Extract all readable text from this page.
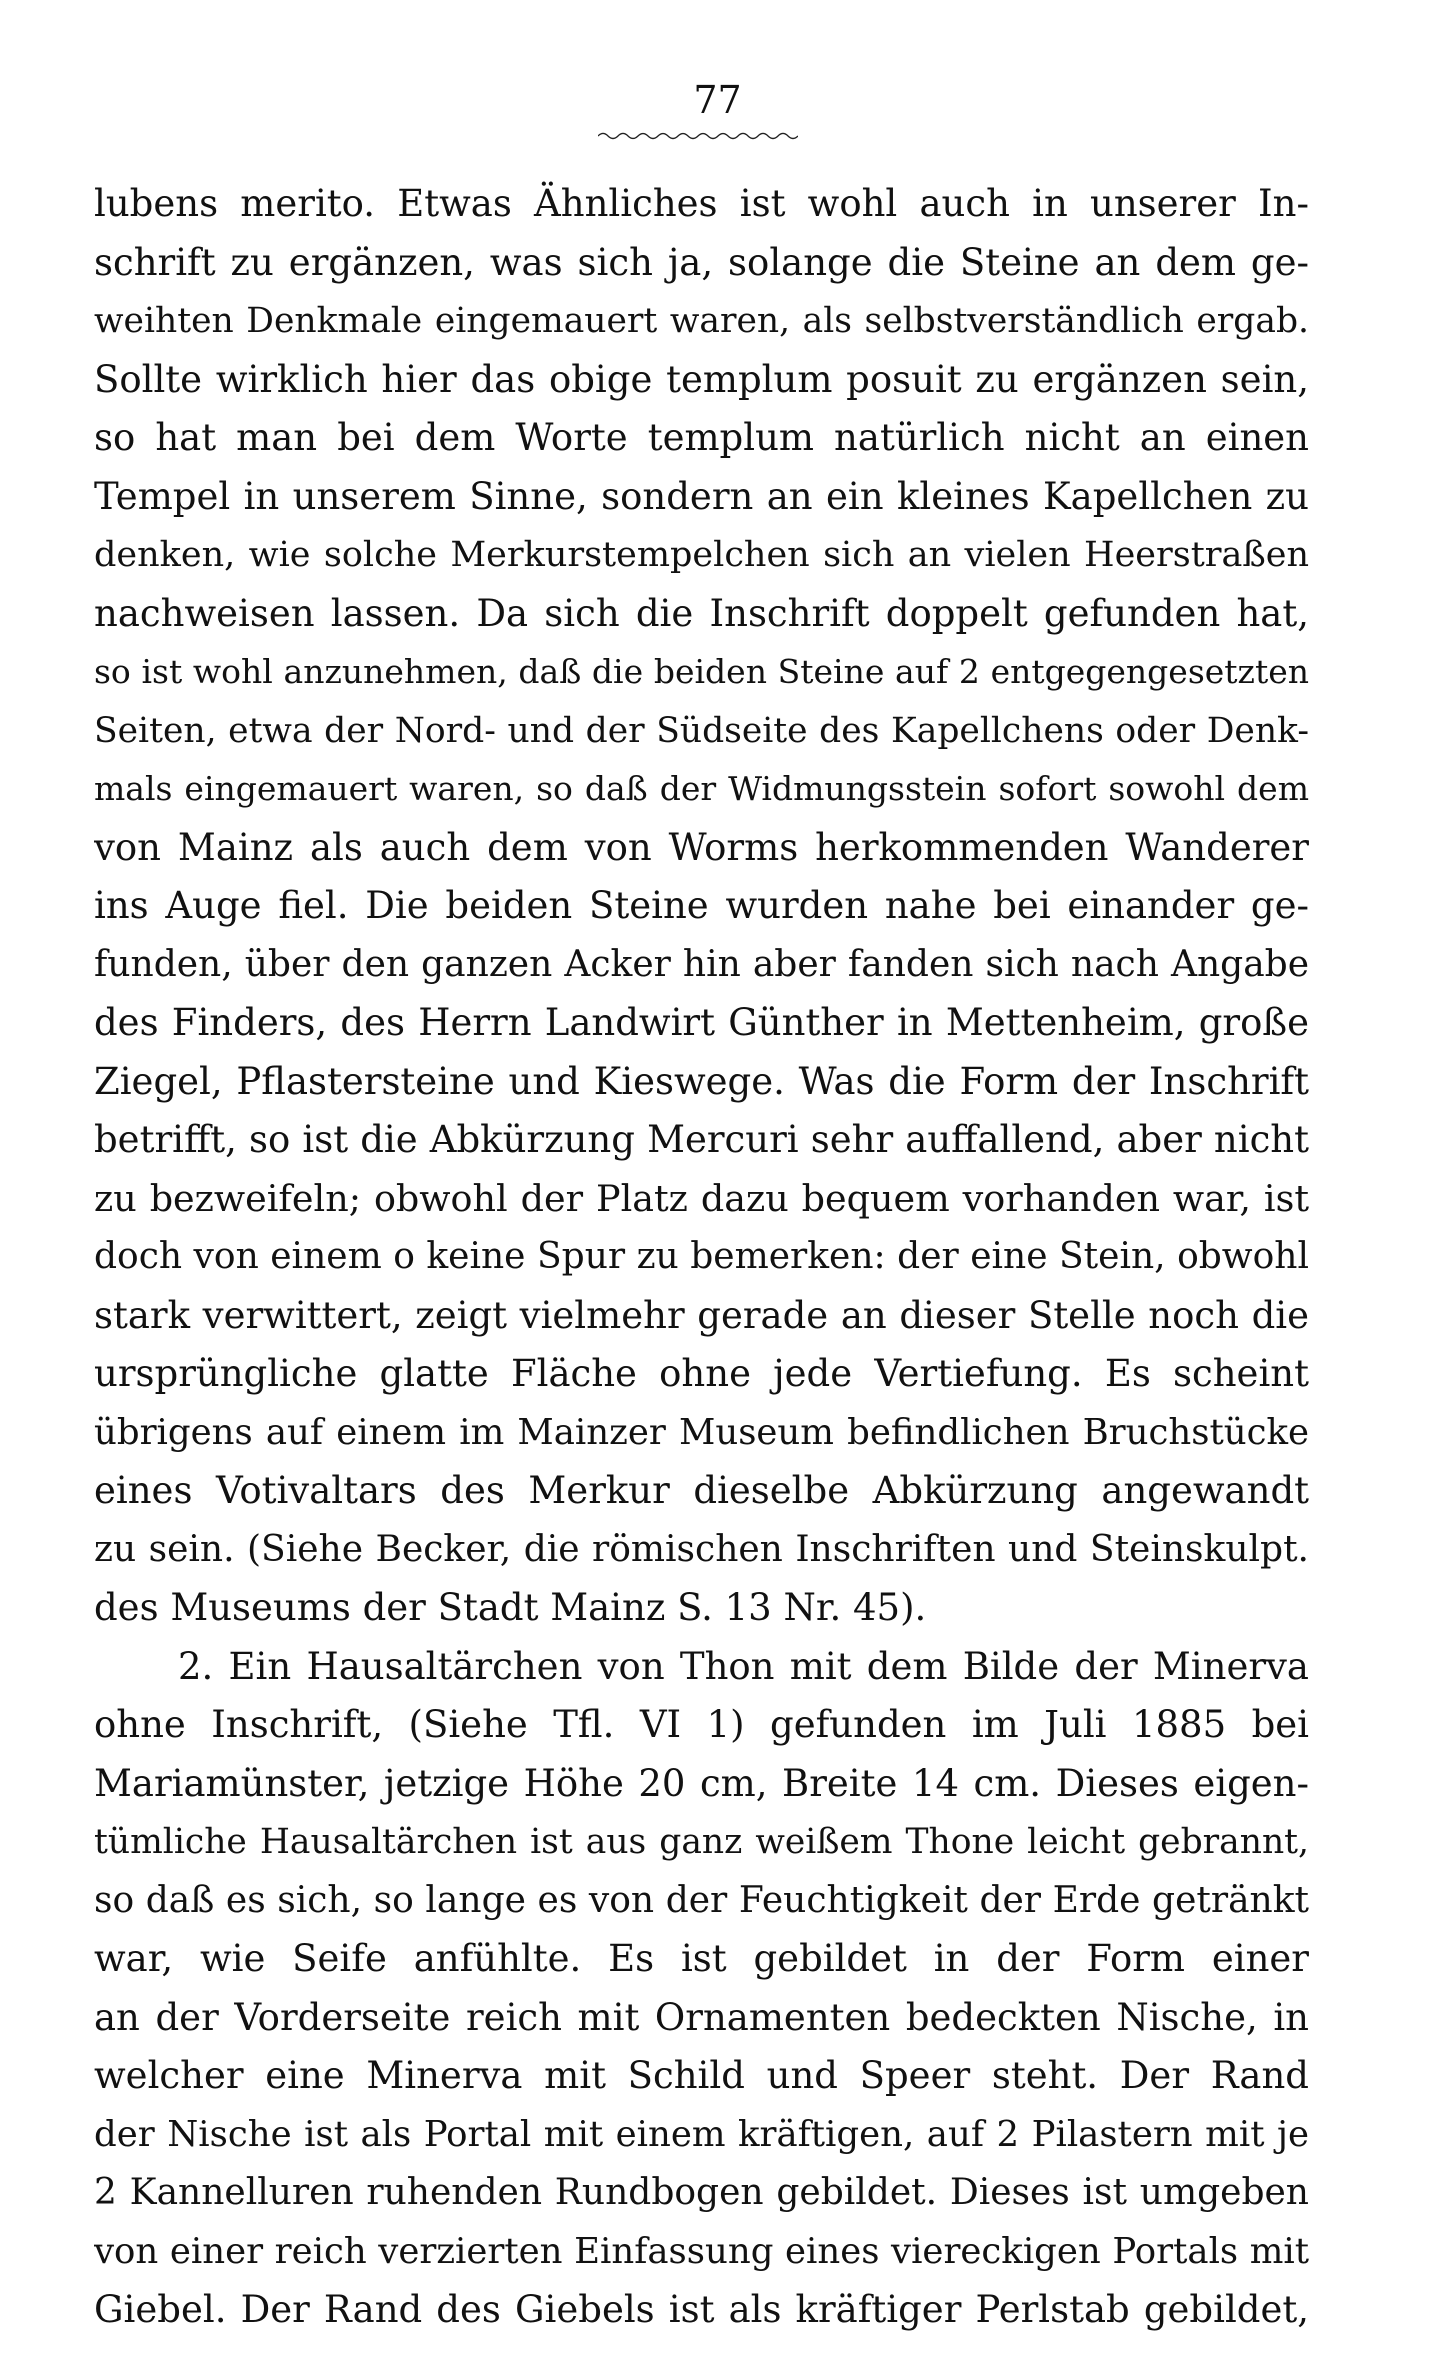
77
lubens merito. Etwas Ähnliches ist wohl auch in unserer In-
schrift zu ergänzen, was sich ja, solange die Steine an dem ge-
weihten Denkmale eingemauert waren, als selbstverständlich ergab.
Sollte wirklich hier das obige templum posuit zu ergänzen sein,
so hat man bei dem Worte templum natürlich nicht an einen
Tempel in unserem Sinne, sondern an ein kleines Kapellchen zu
denken, wie solche Merkurstempelchen sich an vielen Heerstraßen
nachweisen lassen. Da sich die Inschrift doppelt gefunden hat,
so ist wohl anzunehmen, daß die beiden Steine auf 2 entgegengesetzten
Seiten, etwa der Nord- und der Südseite des Kapellchens oder Denk-
mals eingemauert waren, so daß der Widmungsstein sofort sowohl dem
von Mainz als auch dem von Worms herkommenden Wanderer
ins Auge fiel. Die beiden Steine wurden nahe bei einander ge-
funden, über den ganzen Acker hin aber fanden sich nach Angabe
des Finders, des Herrn Landwirt Günther in Mettenheim, große
Ziegel, Pflastersteine und Kieswege. Was die Form der Inschrift
betrifft, so ist die Abkürzung Mercuri sehr auffallend, aber nicht
zu bezweifeln; obwohl der Platz dazu bequem vorhanden war, ist
doch von einem o keine Spur zu bemerken: der eine Stein, obwohl
stark verwittert, zeigt vielmehr gerade an dieser Stelle noch die
ursprüngliche glatte Fläche ohne jede Vertiefung. Es scheint
übrigens auf einem im Mainzer Museum befindlichen Bruchstücke
eines Votivaltars des Merkur dieselbe Abkürzung angewandt
zu sein. (Siehe Becker, die römischen Inschriften und Steinskulpt.
des Museums der Stadt Mainz S. 13 Nr. 45).
2. Ein Hausaltärchen von Thon mit dem Bilde der Minerva
ohne Inschrift, (Siehe Tfl. VI 1) gefunden im Juli 1885 bei
Mariamünster, jetzige Höhe 20 cm, Breite 14 cm. Dieses eigen-
tümliche Hausaltärchen ist aus ganz weißem Thone leicht gebrannt,
so daß es sich, so lange es von der Feuchtigkeit der Erde getränkt
war, wie Seife anfühlte. Es ist gebildet in der Form einer
an der Vorderseite reich mit Ornamenten bedeckten Nische, in
welcher eine Minerva mit Schild und Speer steht. Der Rand
der Nische ist als Portal mit einem kräftigen, auf 2 Pilastern mit je
2 Kannelluren ruhenden Rundbogen gebildet. Dieses ist umgeben
von einer reich verzierten Einfassung eines viereckigen Portals mit
Giebel. Der Rand des Giebels ist als kräftiger Perlstab gebildet,
